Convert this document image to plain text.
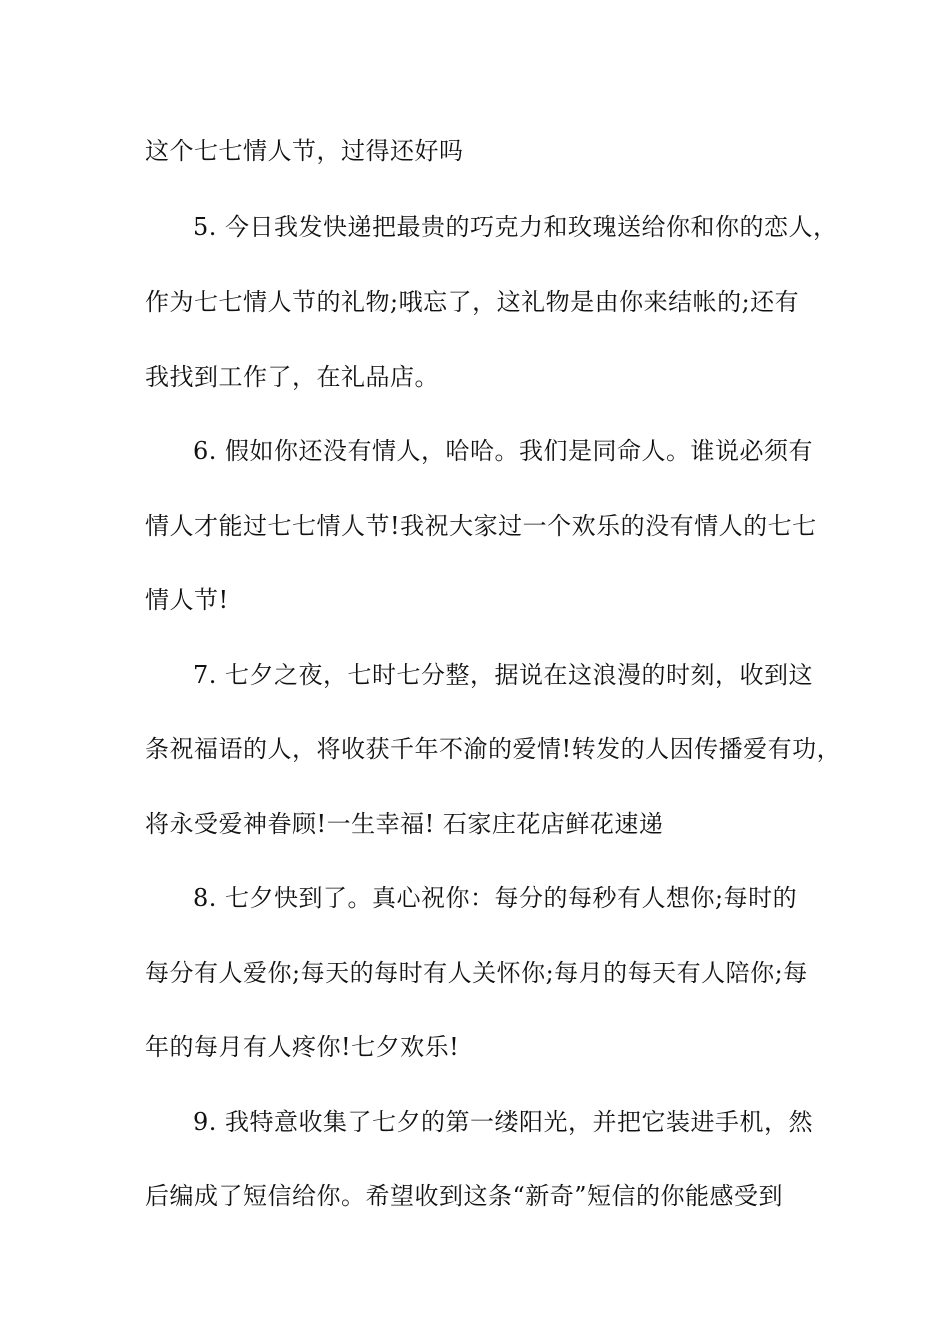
这个七七情人节，过得还好吗
5. 今日我发快递把最贵的巧克力和玫瑰送给你和你的恋人，
作为七七情人节的礼物;哦忘了，这礼物是由你来结帐的;还有
我找到工作了，在礼品店。
6. 假如你还没有情人，哈哈。我们是同命人。谁说必须有
情人才能过七七情人节!我祝大家过一个欢乐的没有情人的七七
情人节!
7. 七夕之夜，七时七分整，据说在这浪漫的时刻，收到这
条祝福语的人，将收获千年不渝的爱情!转发的人因传播爱有功，
将永受爱神眷顾!一生幸福! 石家庄花店鲜花速递
8. 七夕快到了。真心祝你：每分的每秒有人想你;每时的
每分有人爱你;每天的每时有人关怀你;每月的每天有人陪你;每
年的每月有人疼你!七夕欢乐!
9. 我特意收集了七夕的第一缕阳光，并把它装进手机，然
后编成了短信给你。希望收到这条“新奇”短信的你能感受到
